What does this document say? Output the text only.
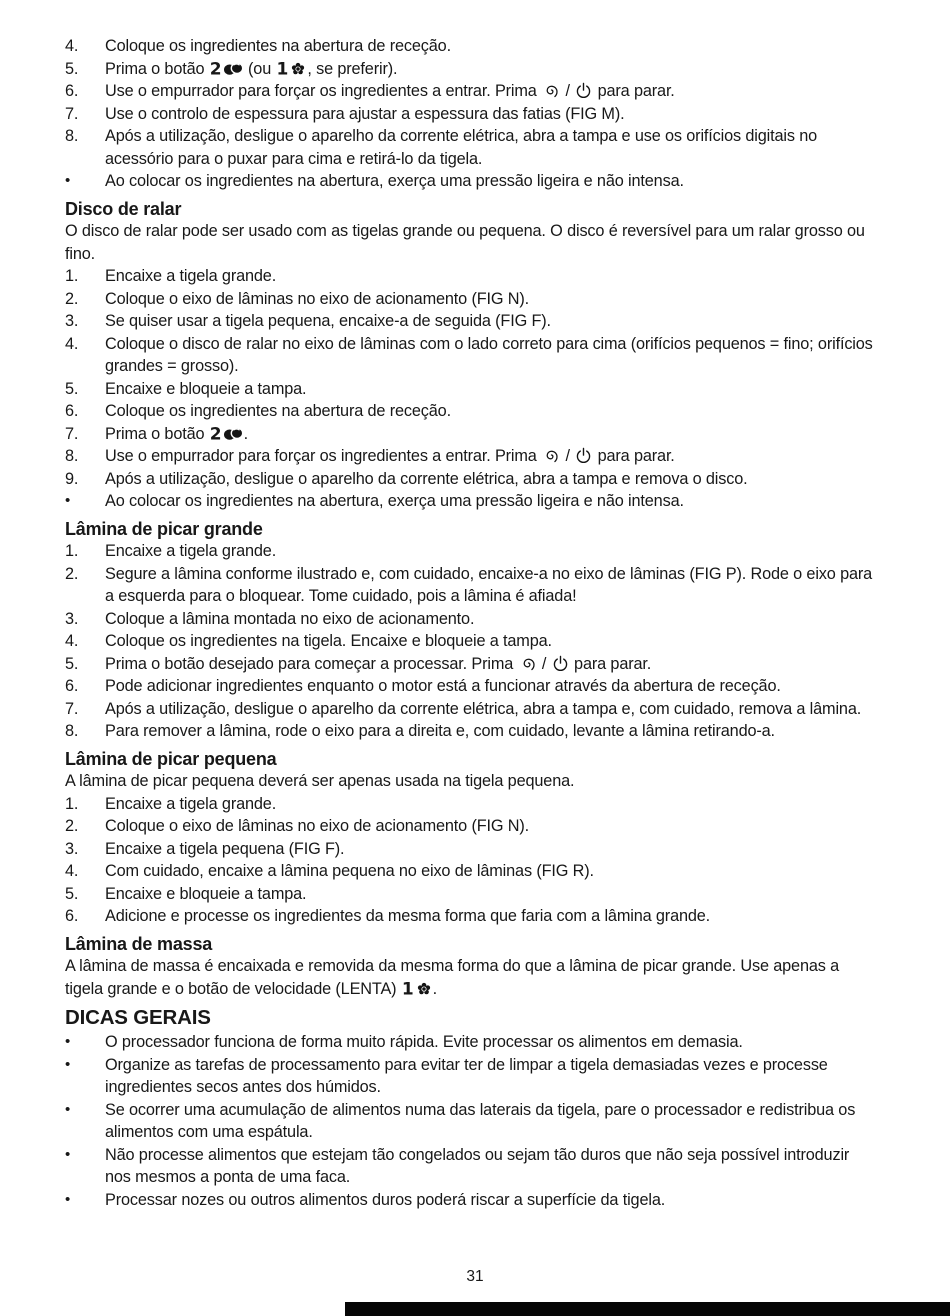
4.	Coloque os ingredientes na abertura de receção.
5.	Prima o botão 2 (ou 1 , se preferir).
6.	Use o empurrador para forçar os ingredientes a entrar. Prima  /  para parar.
7.	Use o controlo de espessura para ajustar a espessura das fatias (FIG M).
8.	Após a utilização, desligue o aparelho da corrente elétrica, abra a tampa e use os orifícios digitais no acessório para o puxar para cima e retirá-lo da tigela.
•	Ao colocar os ingredientes na abertura, exerça uma pressão ligeira e não intensa.
Disco de ralar

O disco de ralar pode ser usado com as tigelas grande ou pequena. O disco é reversível para um ralar grosso ou fino.

1.	Encaixe a tigela grande.
2.	Coloque o eixo de lâminas no eixo de acionamento (FIG N).
3.	Se quiser usar a tigela pequena, encaixe-a de seguida (FIG F).
4.	Coloque o disco de ralar no eixo de lâminas com o lado correto para cima (orifícios pequenos = fino; orifícios grandes = grosso).
5.	Encaixe e bloqueie a tampa.
6.	Coloque os ingredientes na abertura de receção.
7.	Prima o botão 2 .
8.	Use o empurrador para forçar os ingredientes a entrar. Prima  /  para parar.
9.	Após a utilização, desligue o aparelho da corrente elétrica, abra a tampa e remova o disco.
•	Ao colocar os ingredientes na abertura, exerça uma pressão ligeira e não intensa.
Lâmina de picar grande
1.	Encaixe a tigela grande.
2.	Segure a lâmina conforme ilustrado e, com cuidado, encaixe-a no eixo de lâminas (FIG P). Rode o eixo para a esquerda para o bloquear. Tome cuidado, pois a lâmina é afiada!
3.	Coloque a lâmina montada no eixo de acionamento.
4.	Coloque os ingredientes na tigela. Encaixe e bloqueie a tampa.
5.	Prima o botão desejado para começar a processar. Prima  /  para parar.
6.	Pode adicionar ingredientes enquanto o motor está a funcionar através da abertura de receção.
7.	Após a utilização, desligue o aparelho da corrente elétrica, abra a tampa e, com cuidado, remova a lâmina.
8.	Para remover a lâmina, rode o eixo para a direita e, com cuidado, levante a lâmina retirando-a.
Lâmina de picar pequena

A lâmina de picar pequena deverá ser apenas usada na tigela pequena.

1.	Encaixe a tigela grande.
2.	Coloque o eixo de lâminas no eixo de acionamento (FIG N).
3.	Encaixe a tigela pequena (FIG F).
4.	Com cuidado, encaixe a lâmina pequena no eixo de lâminas (FIG R).
5.	Encaixe e bloqueie a tampa.
6.	Adicione e processe os ingredientes da mesma forma que faria com a lâmina grande.
Lâmina de massa

A lâmina de massa é encaixada e removida da mesma forma do que a lâmina de picar grande. Use apenas a tigela grande e o botão de velocidade (LENTA) 1 .

DICAS GERAIS
•	O processador funciona de forma muito rápida. Evite processar os alimentos em demasia.
•	Organize as tarefas de processamento para evitar ter de limpar a tigela demasiadas vezes e processe ingredientes secos antes dos húmidos.
•	Se ocorrer uma acumulação de alimentos numa das laterais da tigela, pare o processador e redistribua os alimentos com uma espátula.
•	Não processe alimentos que estejam tão congelados ou sejam tão duros que não seja possível introduzir nos mesmos a ponta de uma faca.
•	Processar nozes ou outros alimentos duros poderá riscar a superfície da tigela.
31
